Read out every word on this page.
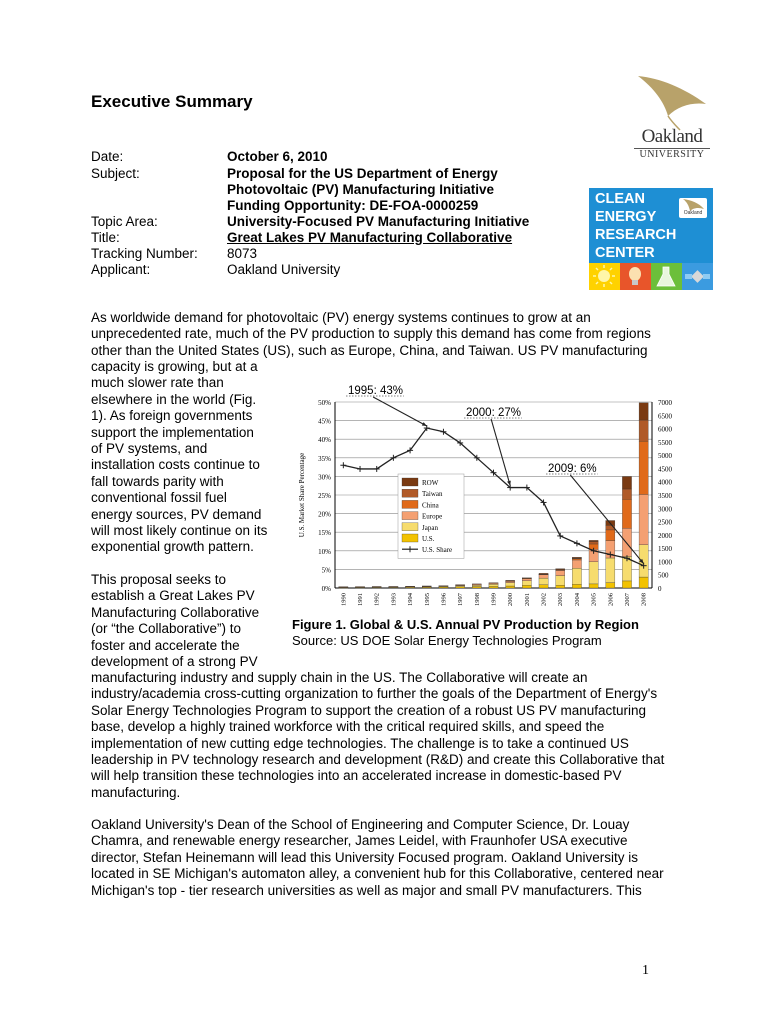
Executive Summary
Date:	October 6, 2010
Subject:	Proposal for the US Department of Energy
Photovoltaic (PV) Manufacturing Initiative
Funding Opportunity: DE-FOA-0000259
Topic Area:	University-Focused PV Manufacturing Initiative
Title:	Great Lakes PV Manufacturing Collaborative
Tracking Number: 8073
Applicant:	Oakland University
Oakland
UNIVERSITY
CLEAN
ENERGY
RESEARCH
CENTER
Oakland
As worldwide demand for photovoltaic (PV) energy systems continues to grow at an
unprecedented rate, much of the PV production to supply this demand has come from regions
other than the United States (US), such as Europe, China, and Taiwan. US PV manufacturing
capacity is growing, but at a
much slower rate than
elsewhere in the world (Fig.
1). As foreign governments
support the implementation
of PV systems, and
installation costs continue to
fall towards parity with
conventional fossil fuel
energy sources, PV demand
will most likely continue on its
exponential growth pattern.
This proposal seeks to
establish a Great Lakes PV
Manufacturing Collaborative
(or “the Collaborative”) to
foster and accelerate the
development of a strong PV
manufacturing industry and supply chain in the US. The Collaborative will create an
industry/academia cross-cutting organization to further the goals of the Department of Energy's
Solar Energy Technologies Program to support the creation of a robust US PV manufacturing
base, develop a highly trained workforce with the critical required skills, and speed the
implementation of new cutting edge technologies. The challenge is to take a continued US
leadership in PV technology research and development (R&D) and create this Collaborative that
will help transition these technologies into an accelerated increase in domestic-based PV
manufacturing.
Oakland University's Dean of the School of Engineering and Computer Science, Dr. Louay
Chamra, and renewable energy researcher, James Leidel, with Fraunhofer USA executive
director, Stefan Heinemann will lead this University Focused program. Oakland University is
located in SE Michigan's automaton alley, a convenient hub for this Collaborative, centered near
Michigan's top - tier research universities as well as major and small PV manufacturers. This
0%
5%
10%
15%
20%
25%
30%
35%
40%
45%
50%
0
500
1000
1500
2000
2500
3000
3500
4000
4500
5000
5500
6000
6500
7000
U.S. Market Share Percentage
1990 1991 1992 1993 1994 1995 1996 1997 1998 1999 2000 2001 2002 2003 2004 2005 2006 2007 2008
ROW
Taiwan
China
Europe
Japan
U.S.
U.S. Share
1995: 43%
2000: 27%
2009: 6%
Figure 1. Global & U.S. Annual PV Production by Region
Source: US DOE Solar Energy Technologies Program
1
